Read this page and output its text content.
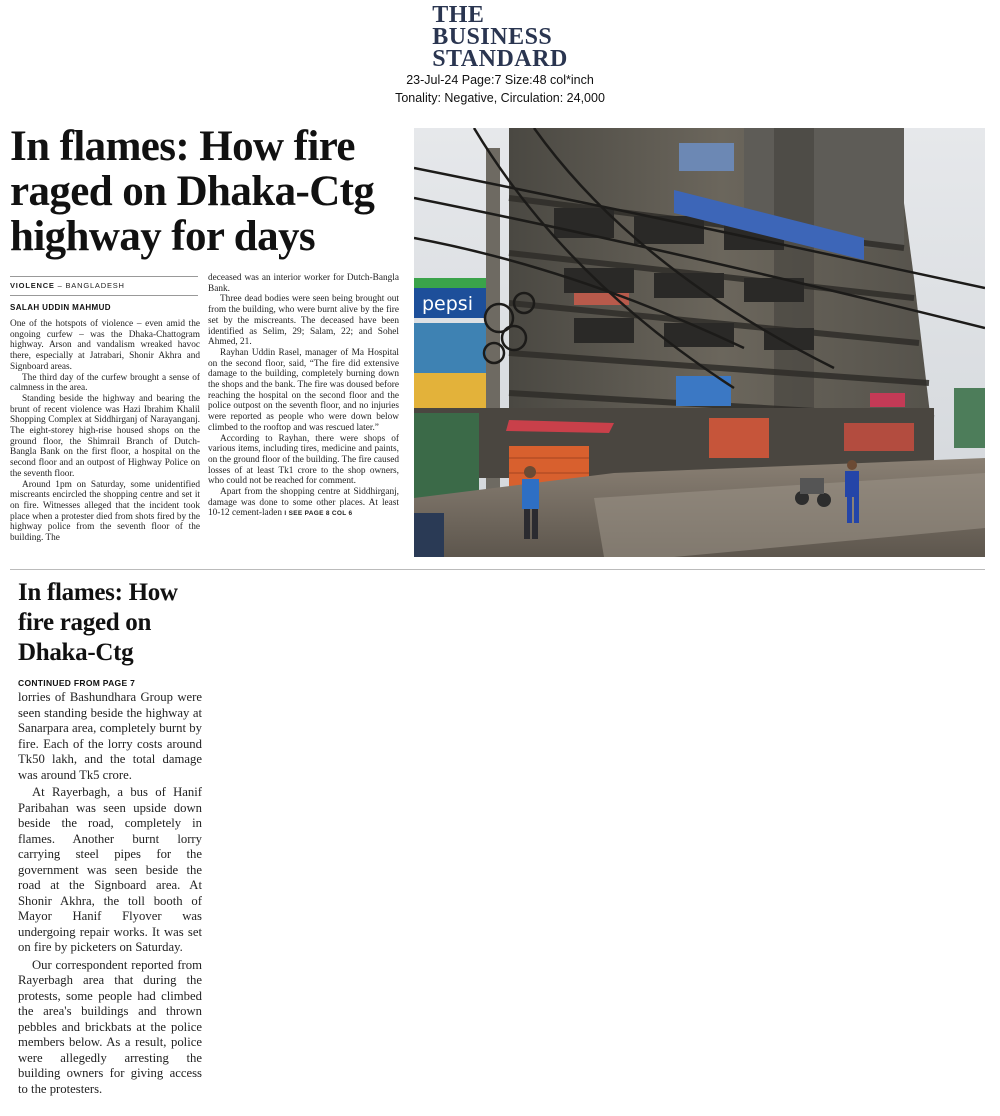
THE
BUSINESS
STANDARD
23-Jul-24 Page:7 Size:48 col*inch
Tonality: Negative, Circulation: 24,000
In flames: How fire raged on Dhaka-Ctg highway for days
VIOLENCE – BANGLADESH
SALAH UDDIN MAHMUD

One of the hotspots of violence – even amid the ongoing curfew – was the Dhaka-Chattogram highway. Arson and vandalism wreaked havoc there, especially at Jatrabari, Shonir Akhra and Signboard areas.

The third day of the curfew brought a sense of calmness in the area.

Standing beside the highway and bearing the brunt of recent violence was Hazi Ibrahim Khalil Shopping Complex at Siddhirganj of Narayanganj. The eight-storey high-rise housed shops on the ground floor, the Shimrail Branch of Dutch-Bangla Bank on the first floor, a hospital on the second floor and an outpost of Highway Police on the seventh floor.

Around 1pm on Saturday, some unidentified miscreants encircled the shopping centre and set it on fire. Witnesses alleged that the incident took place when a protester died from shots fired by the highway police from the seventh floor of the building. The

deceased was an interior worker for Dutch-Bangla Bank.

Three dead bodies were seen being brought out from the building, who were burnt alive by the fire set by the miscreants. The deceased have been identified as Selim, 29; Salam, 22; and Sohel Ahmed, 21.

Rayhan Uddin Rasel, manager of Ma Hospital on the second floor, said, “The fire did extensive damage to the building, completely burning down the shops and the bank. The fire was doused before reaching the hospital on the second floor and the police outpost on the seventh floor, and no injuries were reported as people who were down below climbed to the rooftop and was rescued later.”

According to Rayhan, there were shops of various items, including tires, medicine and paints, on the ground floor of the building. The fire caused losses of at least Tk1 crore to the shop owners, who could not be reached for comment.

Apart from the shopping centre at Siddhirganj, damage was done to some other places. At least 10-12 cement-laden I SEE PAGE 8 COL 6

pepsi
In flames: How fire raged on Dhaka-Ctg
CONTINUED FROM PAGE 7

lorries of Bashundhara Group were seen standing beside the highway at Sanarpara area, completely burnt by fire. Each of the lorry costs around Tk50 lakh, and the total damage was around Tk5 crore.

At Rayerbagh, a bus of Hanif Paribahan was seen upside down beside the road, completely in flames. Another burnt lorry carrying steel pipes for the government was seen beside the road at the Signboard area. At Shonir Akhra, the toll booth of Mayor Hanif Flyover was undergoing repair works. It was set on fire by picketers on Saturday.

Our correspondent reported from Rayerbagh area that during the protests, some people had climbed the area's buildings and thrown pebbles and brickbats at the police members below. As a result, police were allegedly arresting the building owners for giving access to the protesters.
